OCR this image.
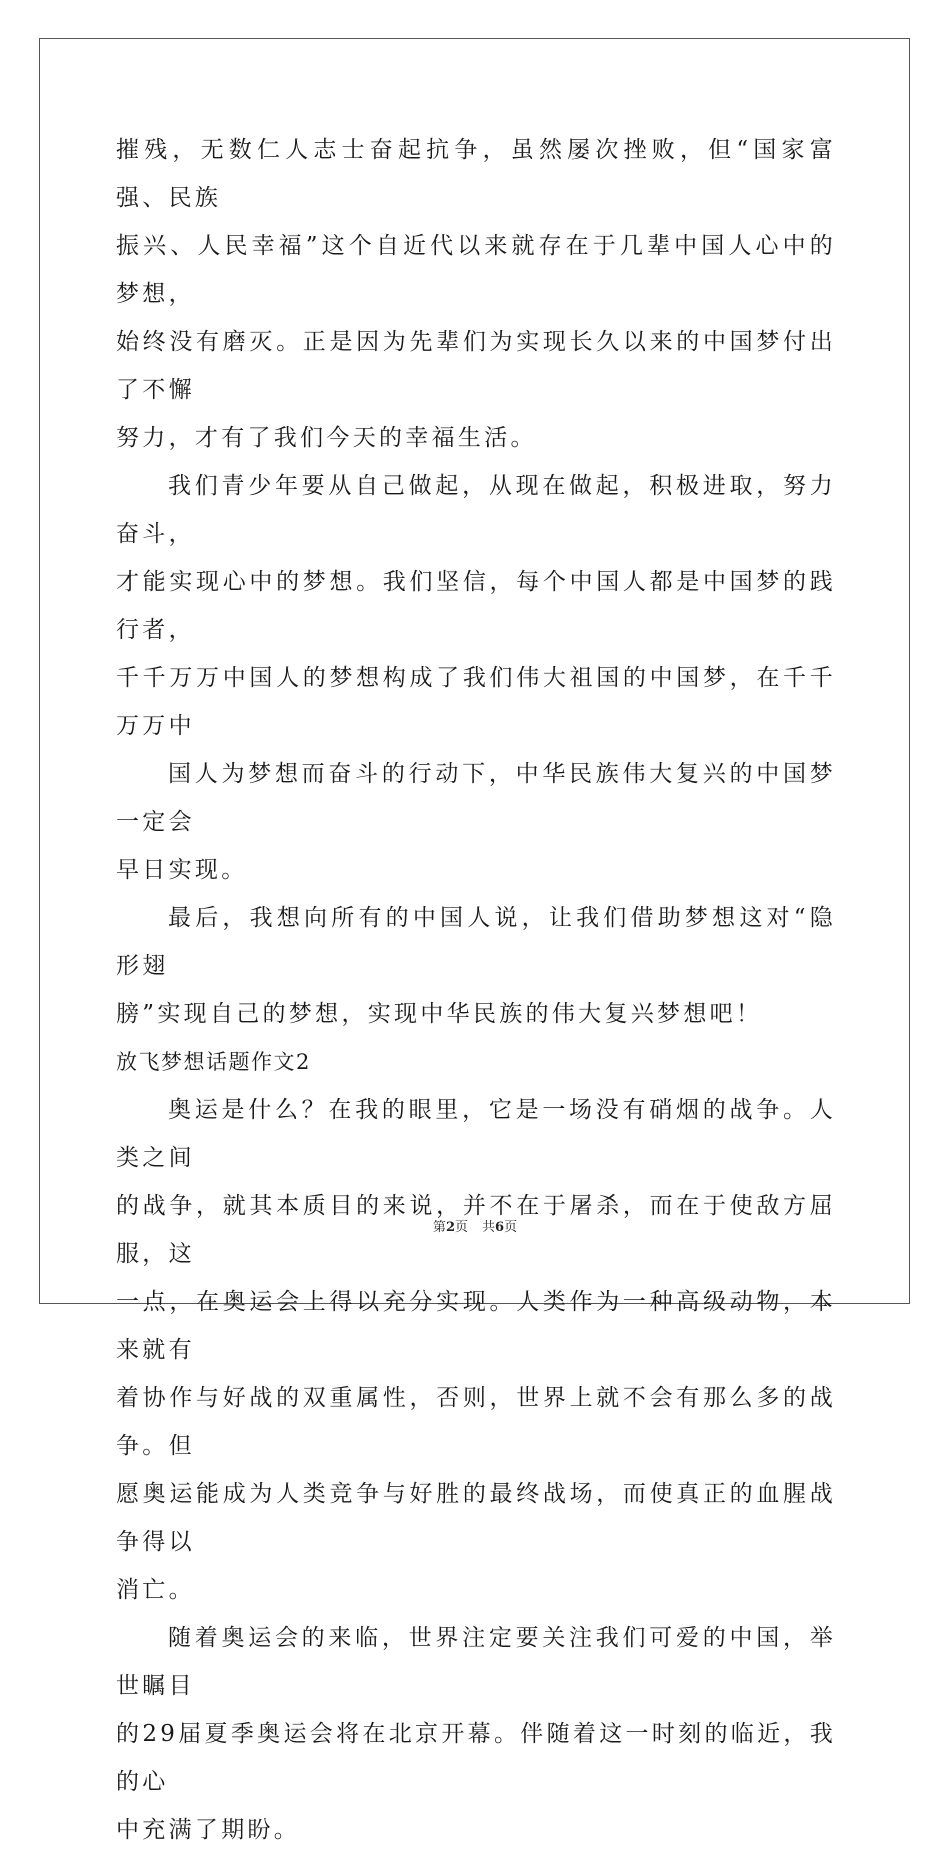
摧残，无数仁人志士奋起抗争，虽然屡次挫败，但“国家富强、民族
振兴、人民幸福”这个自近代以来就存在于几辈中国人心中的梦想，
始终没有磨灭。正是因为先辈们为实现长久以来的中国梦付出了不懈
努力，才有了我们今天的幸福生活。

我们青少年要从自己做起，从现在做起，积极进取，努力奋斗，
才能实现心中的梦想。我们坚信，每个中国人都是中国梦的践行者，
千千万万中国人的梦想构成了我们伟大祖国的中国梦，在千千万万中

国人为梦想而奋斗的行动下，中华民族伟大复兴的中国梦一定会
早日实现。

最后，我想向所有的中国人说，让我们借助梦想这对“隐形翅
膀”实现自己的梦想，实现中华民族的伟大复兴梦想吧！

放飞梦想话题作文2

奥运是什么？在我的眼里，它是一场没有硝烟的战争。人类之间
的战争，就其本质目的来说，并不在于屠杀，而在于使敌方屈服，这
一点，在奥运会上得以充分实现。人类作为一种高级动物，本来就有
着协作与好战的双重属性，否则，世界上就不会有那么多的战争。但
愿奥运能成为人类竞争与好胜的最终战场，而使真正的血腥战争得以
消亡。

随着奥运会的来临，世界注定要关注我们可爱的中国，举世瞩目
的29届夏季奥运会将在北京开幕。伴随着这一时刻的临近，我的心
中充满了期盼。

第2页 共6页
